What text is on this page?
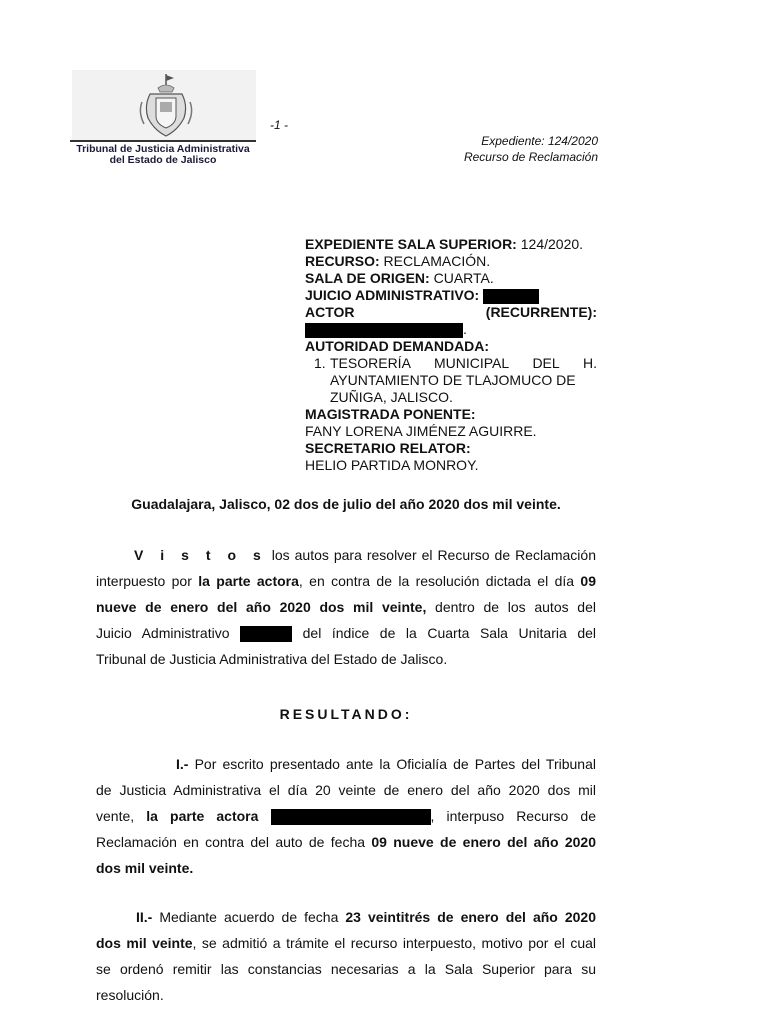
Tribunal de Justicia Administrativa
del Estado de Jalisco
-1 -
Expediente: 124/2020
Recurso de Reclamación
EXPEDIENTE SALA SUPERIOR: 124/2020.
RECURSO: RECLAMACIÓN.
SALA DE ORIGEN: CUARTA.
JUICIO ADMINISTRATIVO:
ACTOR	(RECURRENTE):
.
AUTORIDAD DEMANDADA:
1. TESORERÍA MUNICIPAL DEL H.
AYUNTAMIENTO DE TLAJOMUCO DE
ZUÑIGA, JALISCO.
MAGISTRADA PONENTE:
FANY LORENA JIMÉNEZ AGUIRRE.
SECRETARIO RELATOR:
HELIO PARTIDA MONROY.
Guadalajara, Jalisco, 02 dos de julio del año 2020 dos mil veinte.
V i s t o s los autos para resolver el Recurso de Reclamación
interpuesto por la parte actora, en contra de la resolución dictada el día 09
nueve de enero del año 2020 dos mil veinte, dentro de los autos del
Juicio Administrativo	del índice de la Cuarta Sala Unitaria del
Tribunal de Justicia Administrativa del Estado de Jalisco.
RESULTANDO:
I.- Por escrito presentado ante la Oficialía de Partes del Tribunal
de Justicia Administrativa el día 20 veinte de enero del año 2020 dos mil
vente, la parte actora	, interpuso Recurso de
Reclamación en contra del auto de fecha 09 nueve de enero del año 2020
dos mil veinte.
II.- Mediante acuerdo de fecha 23 veintitrés de enero del año 2020
dos mil veinte, se admitió a trámite el recurso interpuesto, motivo por el cual
se ordenó remitir las constancias necesarias a la Sala Superior para su
resolución.
